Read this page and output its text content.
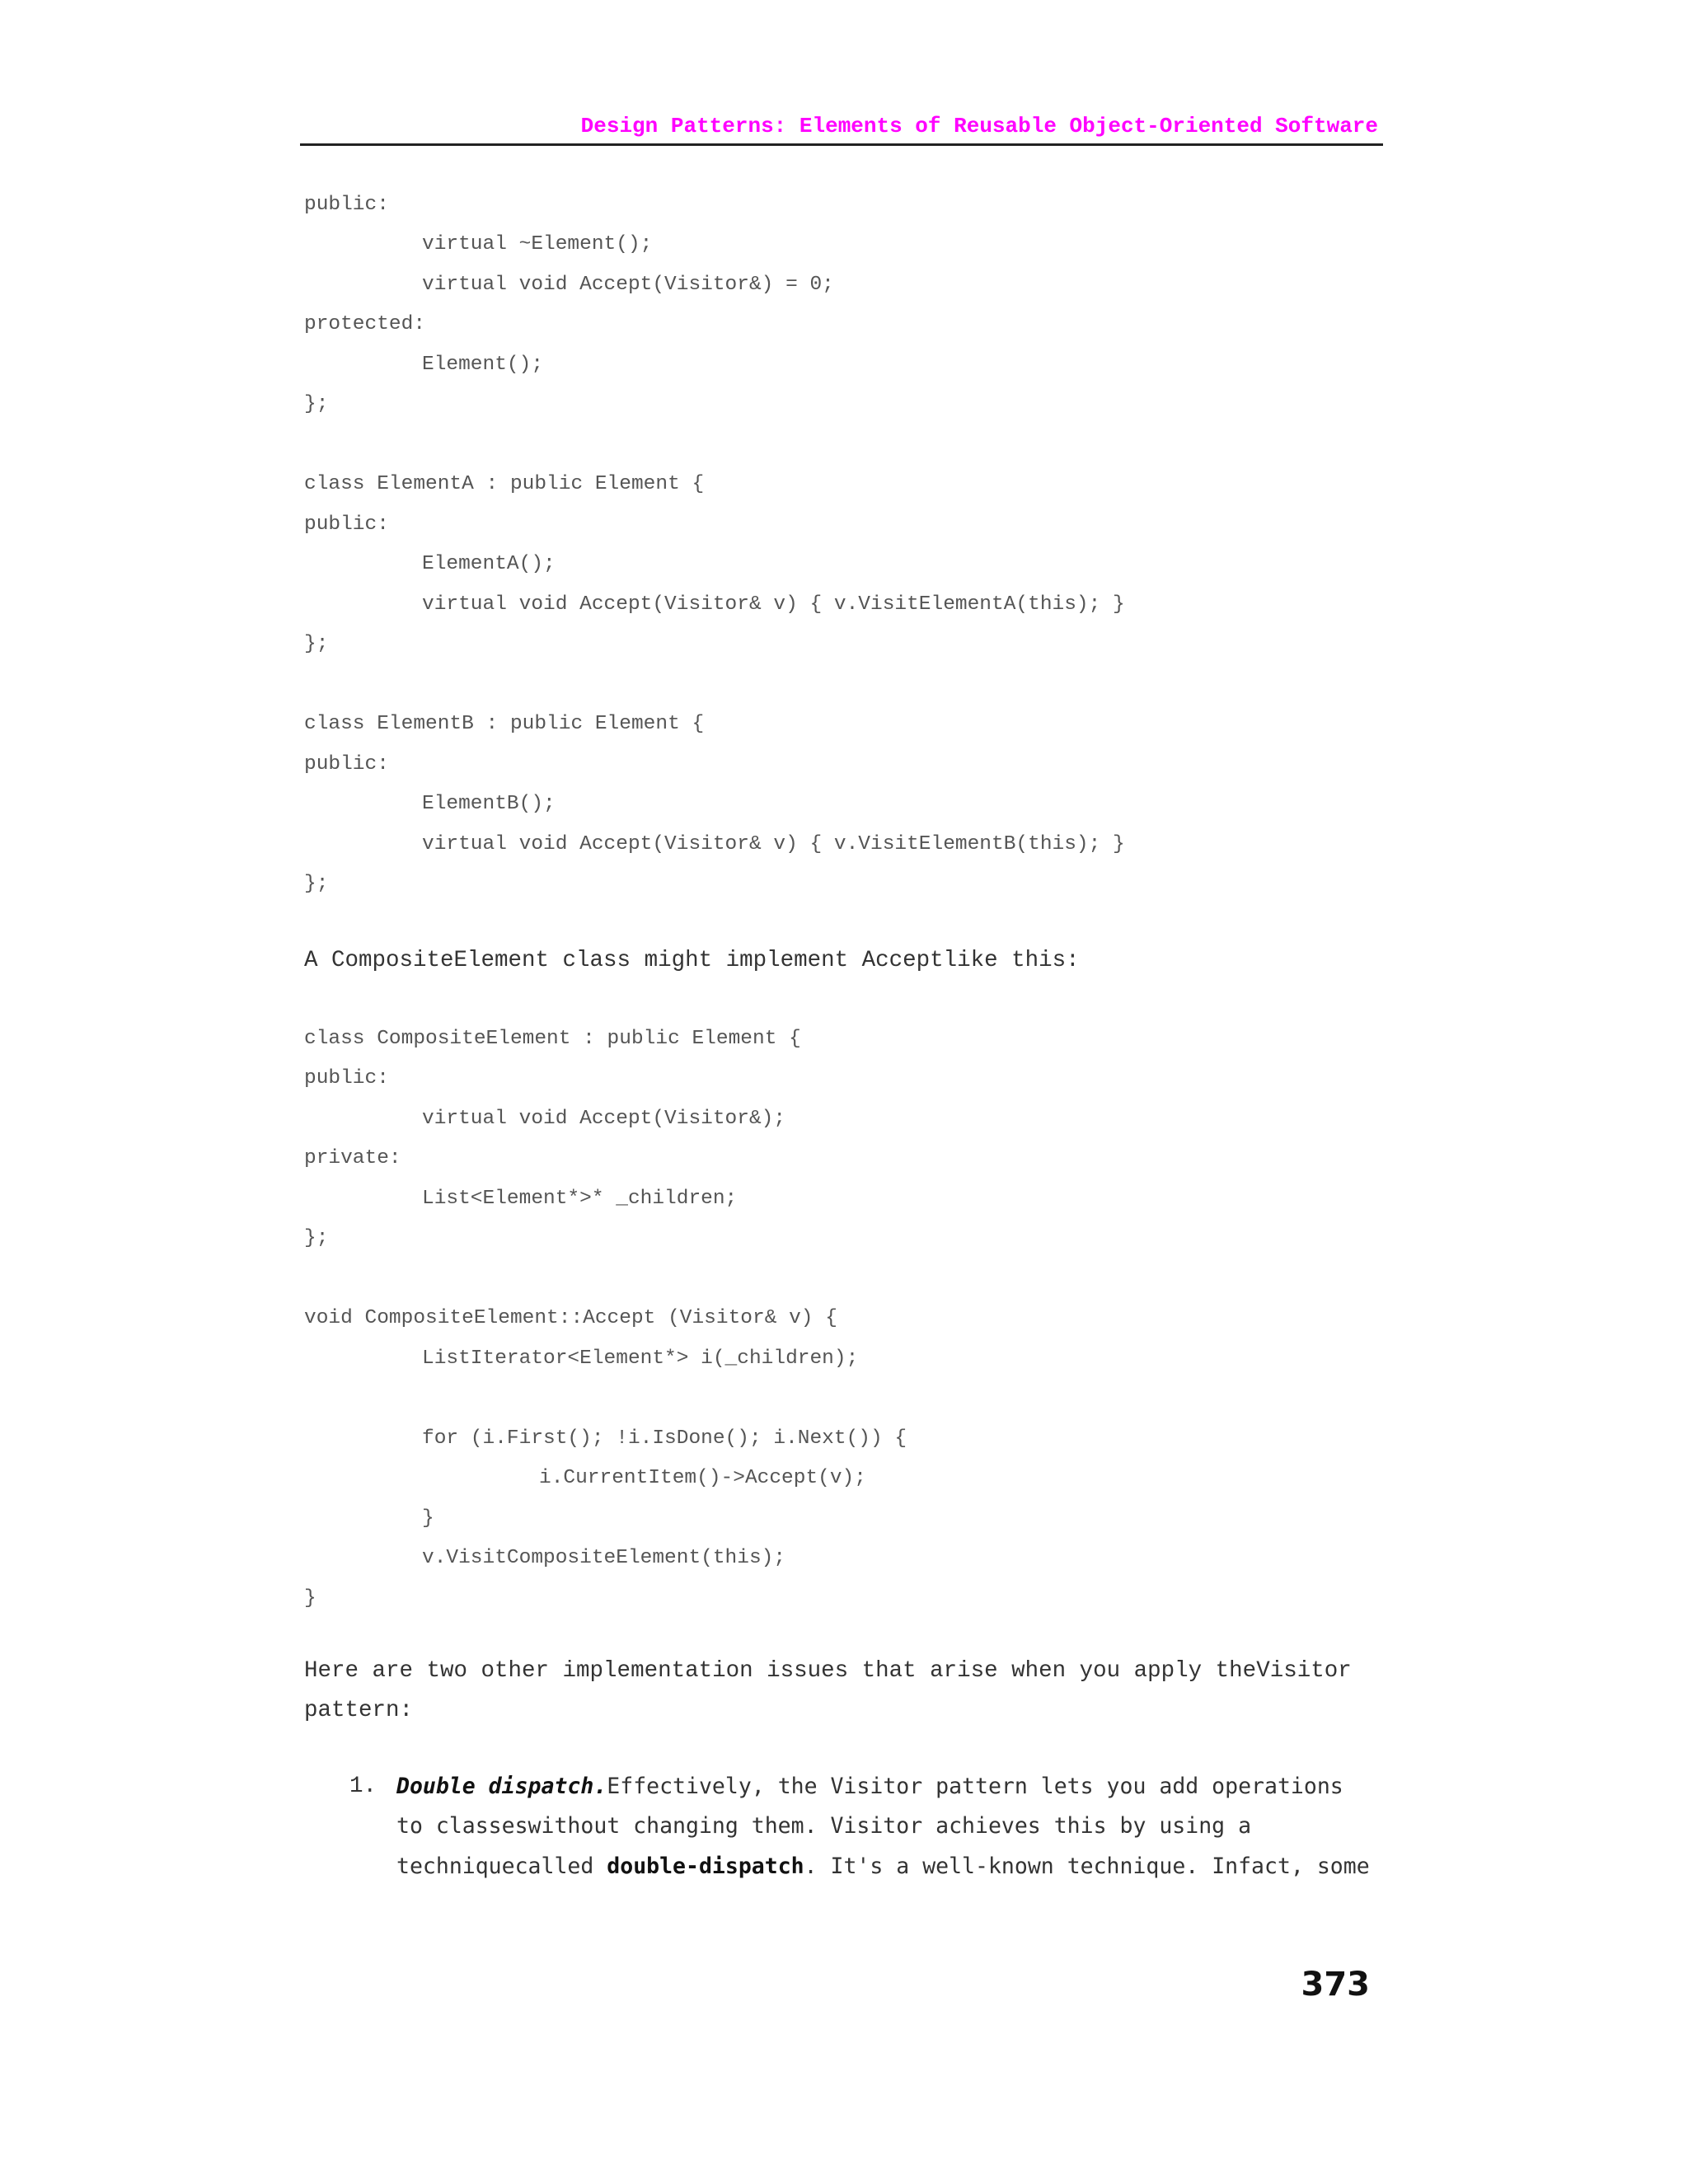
Design Patterns: Elements of Reusable Object-Oriented Software
public:
virtual ~Element();
virtual void Accept(Visitor&) = 0;
protected:
Element();
};
class ElementA : public Element {
public:
ElementA();
virtual void Accept(Visitor& v) { v.VisitElementA(this); }
};
class ElementB : public Element {
public:
ElementB();
virtual void Accept(Visitor& v) { v.VisitElementB(this); }
};
A CompositeElement class might implement Acceptlike this:
class CompositeElement : public Element {
public:
virtual void Accept(Visitor&);
private:
List<Element*>* _children;
};
void CompositeElement::Accept (Visitor& v) {
ListIterator<Element*> i(_children);
for (i.First(); !i.IsDone(); i.Next()) {
i.CurrentItem()->Accept(v);
}
v.VisitCompositeElement(this);
}
Here are two other implementation issues that arise when you apply theVisitor
pattern:
1. Double dispatch.Effectively, the Visitor pattern lets you add operations
to classeswithout changing them. Visitor achieves this by using a
techniquecalled double-dispatch. It's a well-known technique. Infact, some
373
